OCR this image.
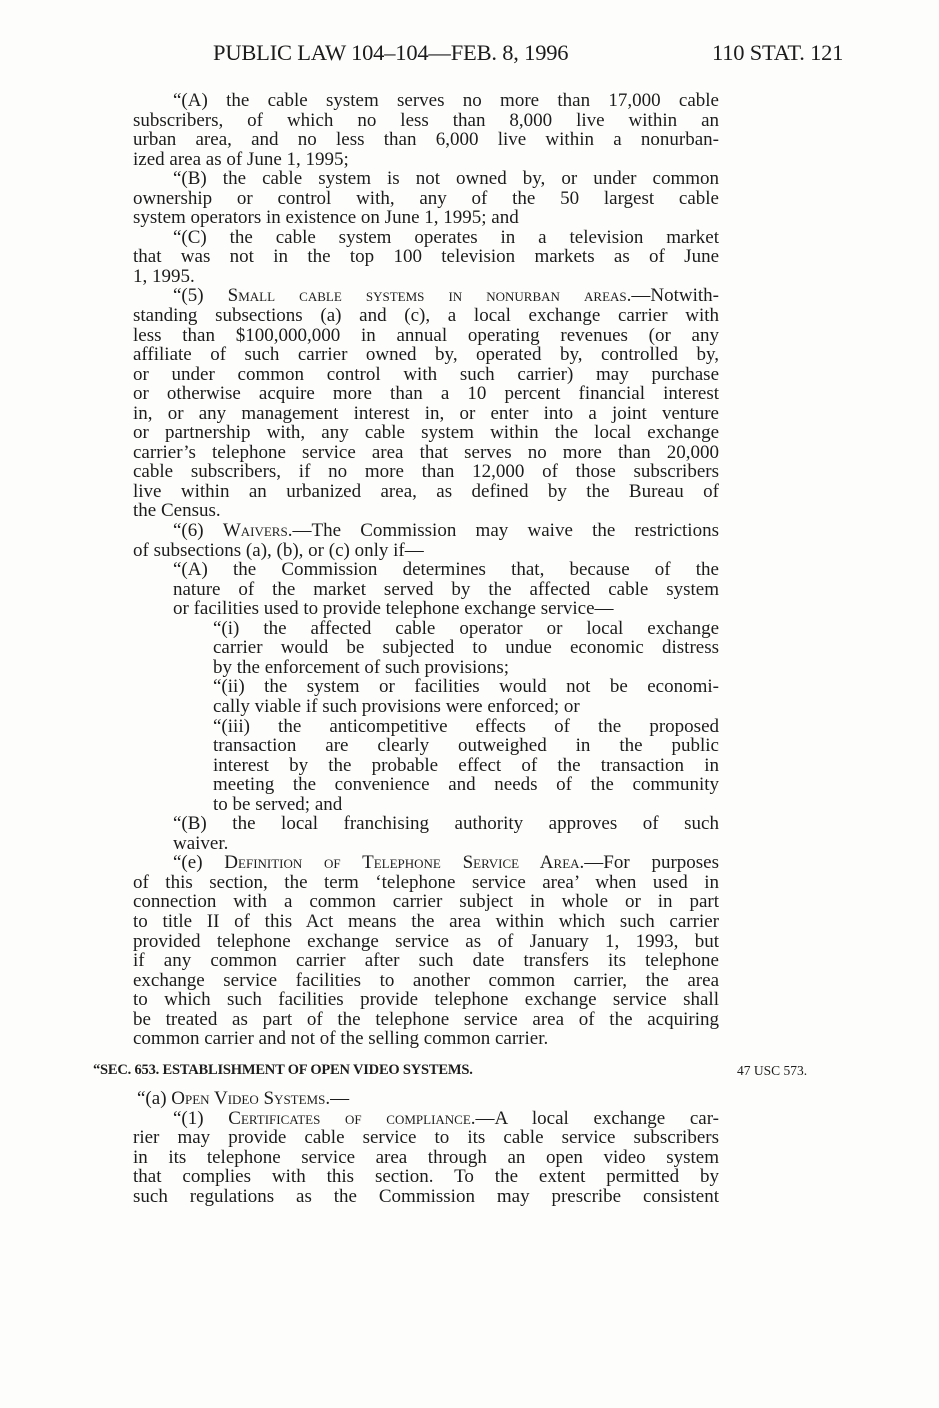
PUBLIC LAW 104–104—FEB. 8, 1996	110 STAT. 121
“(A) the cable system serves no more than 17,000 cable
subscribers, of which no less than 8,000 live within an
urban area, and no less than 6,000 live within a nonurban-
ized area as of June 1, 1995;
“(B) the cable system is not owned by, or under common
ownership or control with, any of the 50 largest cable
system operators in existence on June 1, 1995; and
“(C) the cable system operates in a television market
that was not in the top 100 television markets as of June
1, 1995.
“(5) Small cable systems in nonurban areas.—Notwith-
standing subsections (a) and (c), a local exchange carrier with
less than $100,000,000 in annual operating revenues (or any
affiliate of such carrier owned by, operated by, controlled by,
or under common control with such carrier) may purchase
or otherwise acquire more than a 10 percent financial interest
in, or any management interest in, or enter into a joint venture
or partnership with, any cable system within the local exchange
carrier’s telephone service area that serves no more than 20,000
cable subscribers, if no more than 12,000 of those subscribers
live within an urbanized area, as defined by the Bureau of
the Census.
“(6) Waivers.—The Commission may waive the restrictions
of subsections (a), (b), or (c) only if—
“(A) the Commission determines that, because of the
nature of the market served by the affected cable system
or facilities used to provide telephone exchange service—
“(i) the affected cable operator or local exchange
carrier would be subjected to undue economic distress
by the enforcement of such provisions;
“(ii) the system or facilities would not be economi-
cally viable if such provisions were enforced; or
“(iii) the anticompetitive effects of the proposed
transaction are clearly outweighed in the public
interest by the probable effect of the transaction in
meeting the convenience and needs of the community
to be served; and
“(B) the local franchising authority approves of such
waiver.
“(e) Definition of Telephone Service Area.—For purposes
of this section, the term ‘telephone service area’ when used in
connection with a common carrier subject in whole or in part
to title II of this Act means the area within which such carrier
provided telephone exchange service as of January 1, 1993, but
if any common carrier after such date transfers its telephone
exchange service facilities to another common carrier, the area
to which such facilities provide telephone exchange service shall
be treated as part of the telephone service area of the acquiring
common carrier and not of the selling common carrier.
“SEC. 653. ESTABLISHMENT OF OPEN VIDEO SYSTEMS.	47 USC 573.
“(a) Open Video Systems.—
“(1) Certificates of compliance.—A local exchange car-
rier may provide cable service to its cable service subscribers
in its telephone service area through an open video system
that complies with this section. To the extent permitted by
such regulations as the Commission may prescribe consistent
